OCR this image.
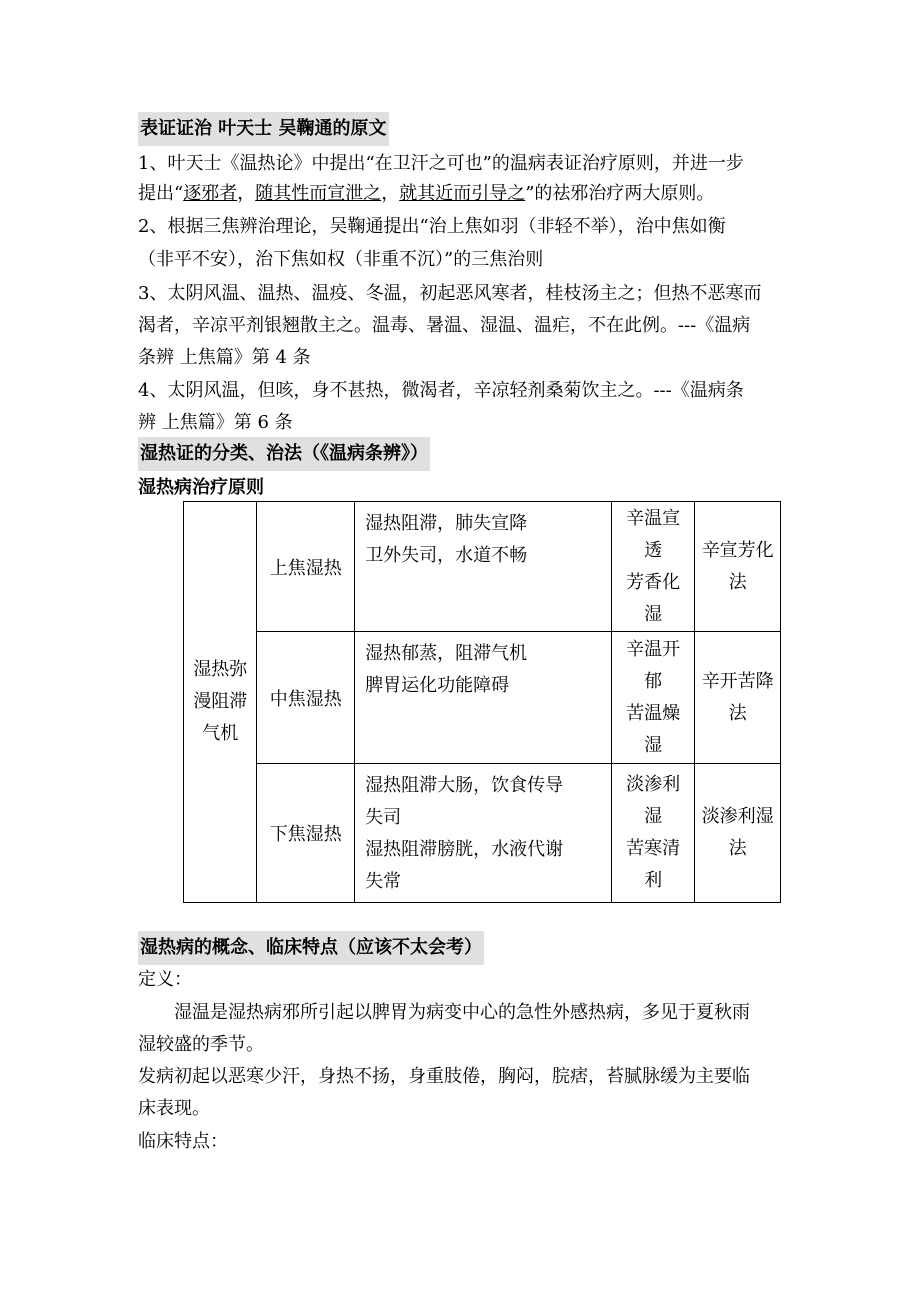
表证证治 叶天士 吴鞠通的原文
1、叶天士《温热论》中提出“在卫汗之可也”的温病表证治疗原则，并进一步
提出“逐邪者，随其性而宣泄之，就其近而引导之”的祛邪治疗两大原则。
2、根据三焦辨治理论，吴鞠通提出“治上焦如羽（非轻不举），治中焦如衡
（非平不安），治下焦如权（非重不沉）”的三焦治则
3、太阴风温、温热、温疫、冬温，初起恶风寒者，桂枝汤主之；但热不恶寒而
渴者，辛凉平剂银翘散主之。温毒、暑温、湿温、温疟，不在此例。---《温病
条辨 上焦篇》第 4 条
4、太阴风温，但咳，身不甚热，微渴者，辛凉轻剂桑菊饮主之。---《温病条
辨 上焦篇》第 6 条
湿热证的分类、治法（《温病条辨》）
湿热病治疗原则
湿热弥
漫阻滞
气机	上焦湿热	湿热阻滞，肺失宣降
卫外失司，水道不畅	辛温宣
透
芳香化
湿	辛宣芳化
法

	中焦湿热	湿热郁蒸，阻滞气机
脾胃运化功能障碍	辛温开
郁
苦温燥
湿	辛开苦降
法

	下焦湿热	湿热阻滞大肠，饮食传导
失司
湿热阻滞膀胱，水液代谢
失常	淡渗利
湿
苦寒清
利	淡渗利湿
法
湿热病的概念、临床特点（应该不太会考）
定义：
湿温是湿热病邪所引起以脾胃为病变中心的急性外感热病，多见于夏秋雨
湿较盛的季节。
发病初起以恶寒少汗，身热不扬，身重肢倦，胸闷，脘痞，苔腻脉缓为主要临
床表现。
临床特点：
